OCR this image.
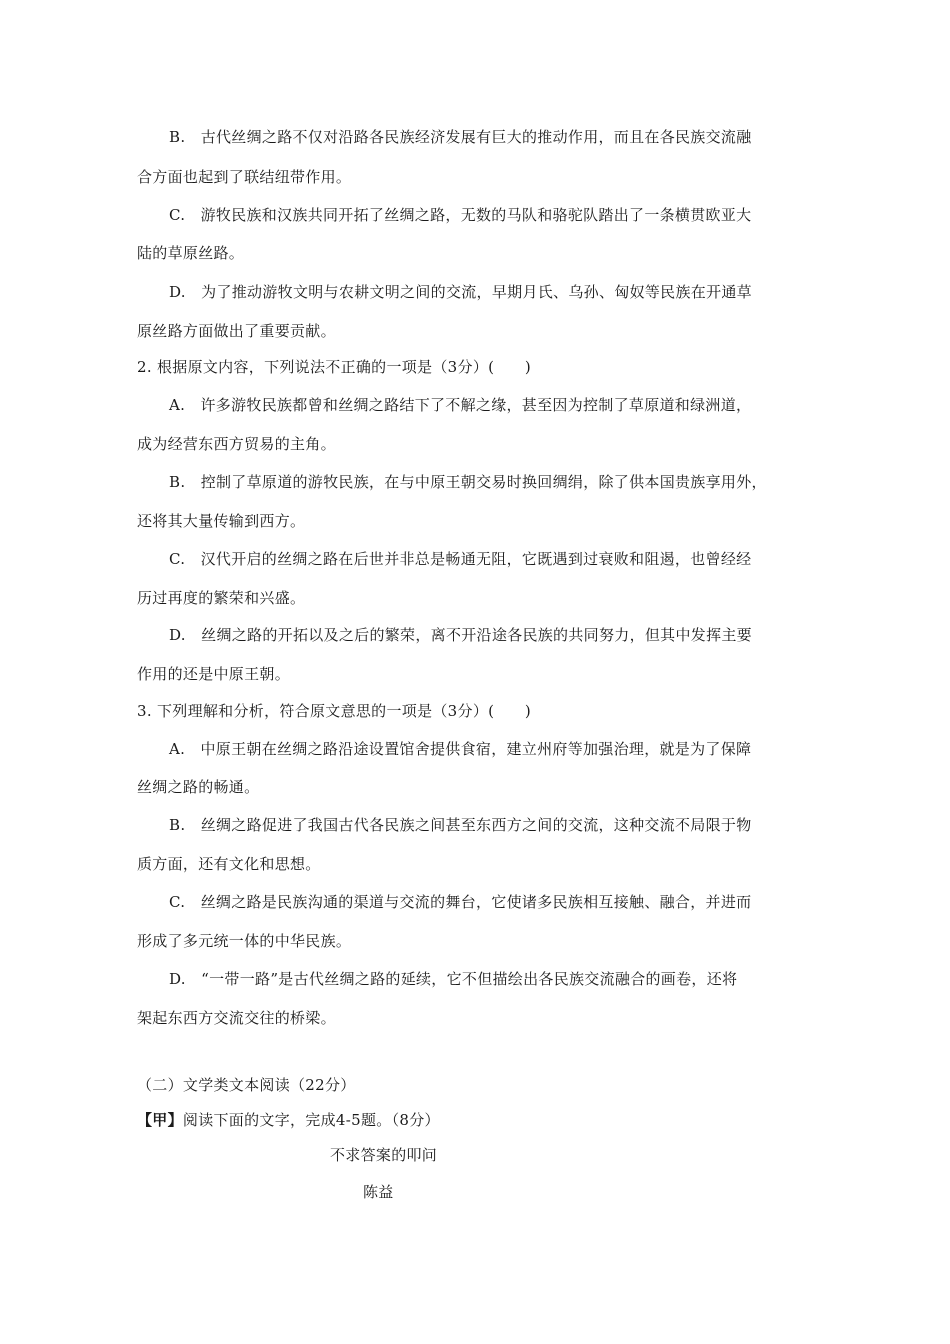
B.　古代丝绸之路不仅对沿路各民族经济发展有巨大的推动作用，而且在各民族交流融
合方面也起到了联结纽带作用。
C.　游牧民族和汉族共同开拓了丝绸之路，无数的马队和骆驼队踏出了一条横贯欧亚大
陆的草原丝路。
D.　为了推动游牧文明与农耕文明之间的交流，早期月氏、乌孙、匈奴等民族在开通草
原丝路方面做出了重要贡献。
2. 根据原文内容，下列说法不正确的一项是（3分）(　　)
A.　许多游牧民族都曾和丝绸之路结下了不解之缘，甚至因为控制了草原道和绿洲道，
成为经营东西方贸易的主角。
B.　控制了草原道的游牧民族，在与中原王朝交易时换回绸绢，除了供本国贵族享用外，
还将其大量传输到西方。
C.　汉代开启的丝绸之路在后世并非总是畅通无阻，它既遇到过衰败和阻遏，也曾经经
历过再度的繁荣和兴盛。
D.　丝绸之路的开拓以及之后的繁荣，离不开沿途各民族的共同努力，但其中发挥主要
作用的还是中原王朝。
3. 下列理解和分析，符合原文意思的一项是（3分）(　　)
A.　中原王朝在丝绸之路沿途设置馆舍提供食宿，建立州府等加强治理，就是为了保障
丝绸之路的畅通。
B.　丝绸之路促进了我国古代各民族之间甚至东西方之间的交流，这种交流不局限于物
质方面，还有文化和思想。
C.　丝绸之路是民族沟通的渠道与交流的舞台，它使诸多民族相互接触、融合，并进而
形成了多元统一体的中华民族。
D.　“一带一路”是古代丝绸之路的延续，它不但描绘出各民族交流融合的画卷，还将
架起东西方交流交往的桥梁。
（二）文学类文本阅读（22分）
【甲】阅读下面的文字，完成4-5题。（8分）
不求答案的叩问
陈益
